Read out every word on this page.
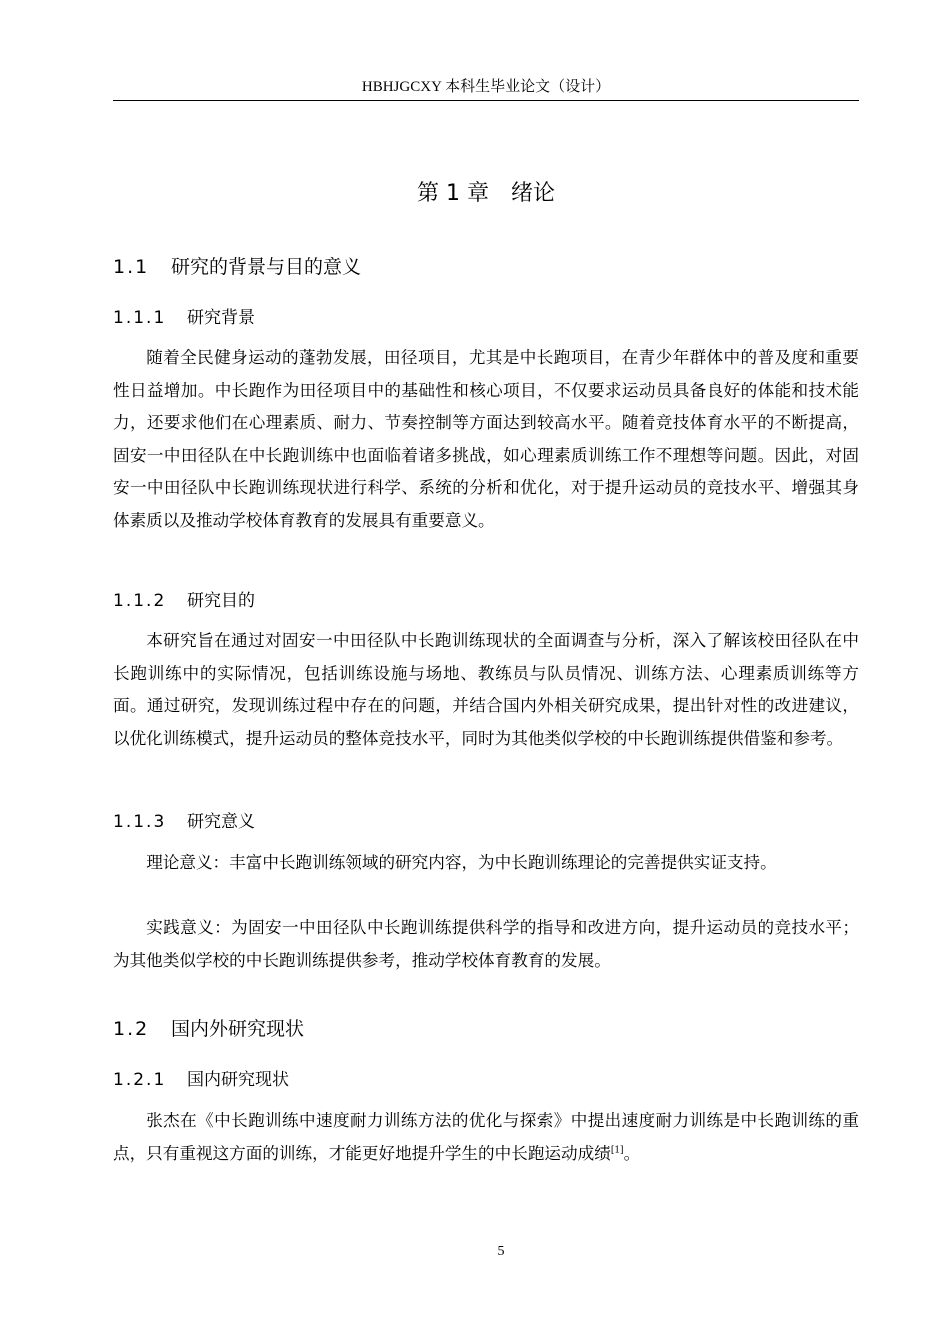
HBHJGCXY 本科生毕业论文（设计）
第 1 章 绪论
1.1 研究的背景与目的意义
1.1.1 研究背景

随着全民健身运动的蓬勃发展，田径项目，尤其是中长跑项目，在青少年群体中的普及度和重要性日益增加。中长跑作为田径项目中的基础性和核心项目，不仅要求运动员具备良好的体能和技术能力，还要求他们在心理素质、耐力、节奏控制等方面达到较高水平。随着竞技体育水平的不断提高，固安一中田径队在中长跑训练中也面临着诸多挑战，如心理素质训练工作不理想等问题。因此，对固安一中田径队中长跑训练现状进行科学、系统的分析和优化，对于提升运动员的竞技水平、增强其身体素质以及推动学校体育教育的发展具有重要意义。

1.1.2 研究目的

本研究旨在通过对固安一中田径队中长跑训练现状的全面调查与分析，深入了解该校田径队在中长跑训练中的实际情况，包括训练设施与场地、教练员与队员情况、训练方法、心理素质训练等方面。通过研究，发现训练过程中存在的问题，并结合国内外相关研究成果，提出针对性的改进建议，以优化训练模式，提升运动员的整体竞技水平，同时为其他类似学校的中长跑训练提供借鉴和参考。

1.1.3 研究意义

理论意义：丰富中长跑训练领域的研究内容，为中长跑训练理论的完善提供实证支持。

实践意义：为固安一中田径队中长跑训练提供科学的指导和改进方向，提升运动员的竞技水平；为其他类似学校的中长跑训练提供参考，推动学校体育教育的发展。

1.2 国内外研究现状
1.2.1 国内研究现状

张杰在《中长跑训练中速度耐力训练方法的优化与探索》中提出速度耐力训练是中长跑训练的重点，只有重视这方面的训练，才能更好地提升学生的中长跑运动成绩[1]。

5
